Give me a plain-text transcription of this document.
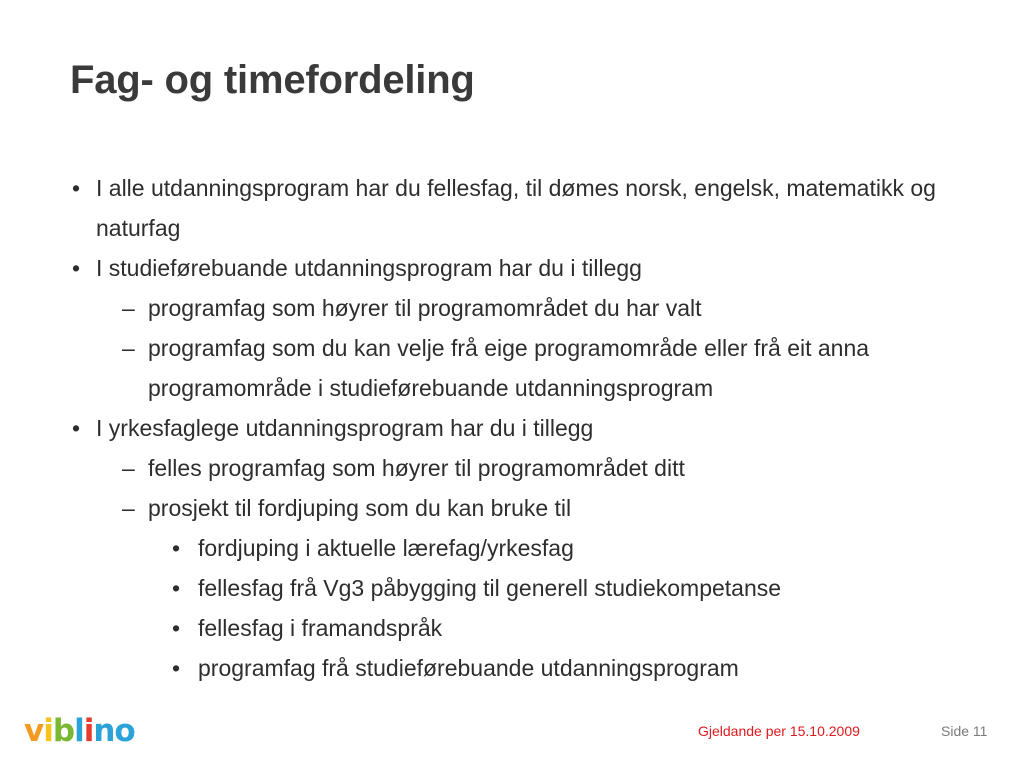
Fag- og timefordeling
• I alle utdanningsprogram har du fellesfag, til dømes norsk, engelsk, matematikk og naturfag
• I studieførebuande utdanningsprogram har du i tillegg
– programfag som høyrer til programområdet du har valt
– programfag som du kan velje frå eige programområde eller frå eit anna programområde i studieførebuande utdanningsprogram
• I yrkesfaglege utdanningsprogram har du i tillegg
– felles programfag som høyrer til programområdet ditt
– prosjekt til fordjuping som du kan bruke til
• fordjuping i aktuelle lærefag/yrkesfag
• fellesfag frå Vg3 påbygging til generell studiekompetanse
• fellesfag i framandspråk
• programfag frå studieførebuande utdanningsprogram
viblino	Gjeldande per 15.10.2009	Side 11
